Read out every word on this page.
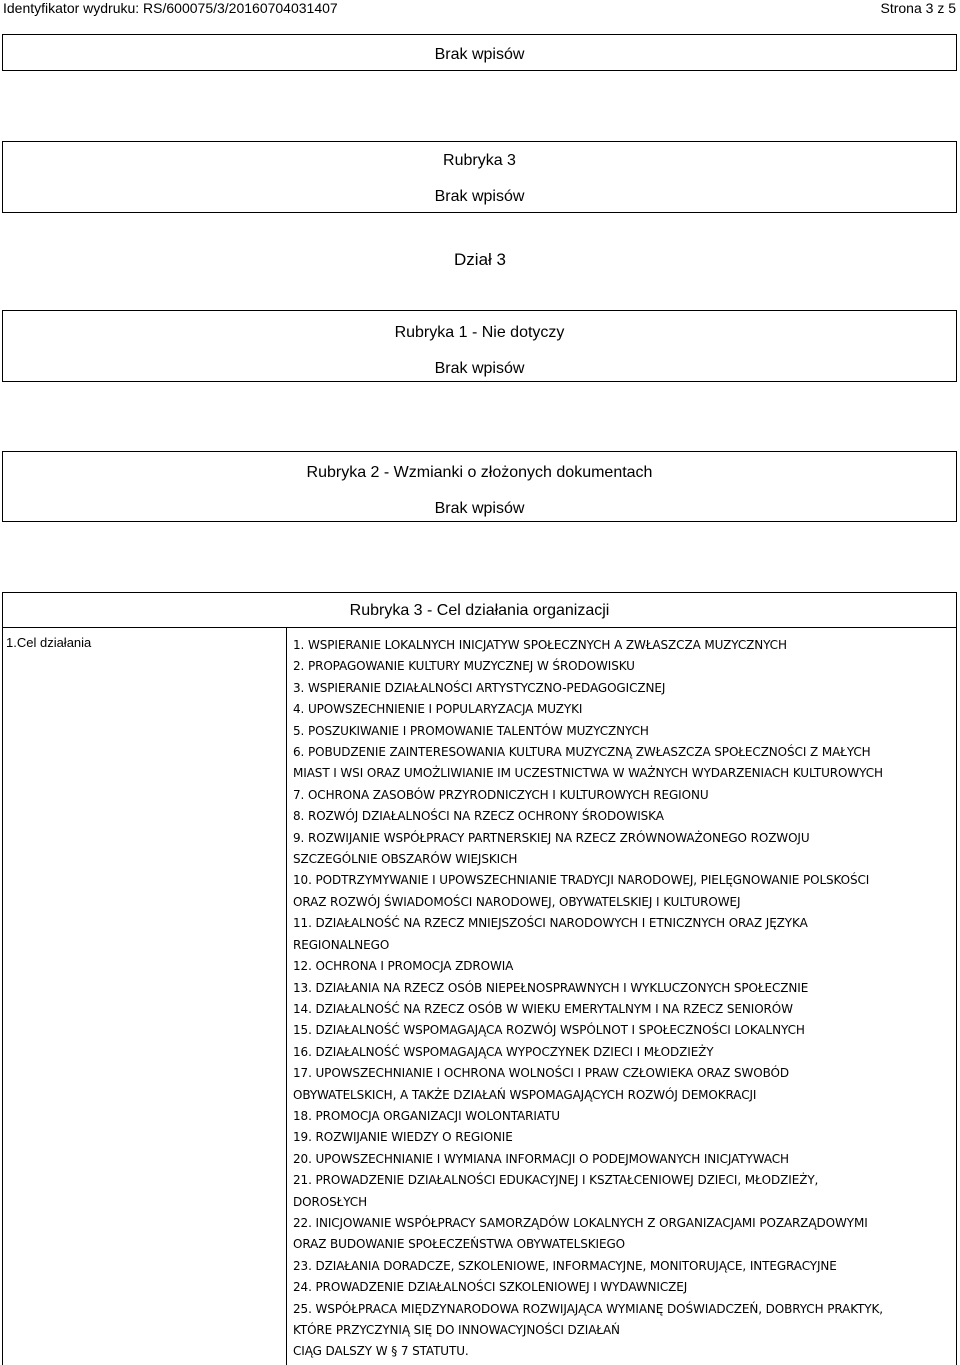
Identyfikator wydruku: RS/600075/3/20160704031407	Strona 3 z 5
Brak wpisów
Rubryka 3
Brak wpisów
Dział 3
Rubryka 1 - Nie dotyczy
Brak wpisów
Rubryka 2 - Wzmianki o złożonych dokumentach
Brak wpisów
Rubryka 3 - Cel działania organizacji
1.Cel działania	1. WSPIERANIE LOKALNYCH INICJATYW SPOŁECZNYCH A ZWŁASZCZA MUZYCZNYCH
2. PROPAGOWANIE KULTURY MUZYCZNEJ W ŚRODOWISKU
3. WSPIERANIE DZIAŁALNOŚCI ARTYSTYCZNO-PEDAGOGICZNEJ
4. UPOWSZECHNIENIE I POPULARYZACJA MUZYKI
5. POSZUKIWANIE I PROMOWANIE TALENTÓW MUZYCZNYCH
6. POBUDZENIE ZAINTERESOWANIA KULTURA MUZYCZNĄ ZWŁASZCZA SPOŁECZNOŚCI Z MAŁYCH
MIAST I WSI ORAZ UMOŻLIWIANIE IM UCZESTNICTWA W WAŻNYCH WYDARZENIACH KULTUROWYCH
7. OCHRONA ZASOBÓW PRZYRODNICZYCH I KULTUROWYCH REGIONU
8. ROZWÓJ DZIAŁALNOŚCI NA RZECZ OCHRONY ŚRODOWISKA
9. ROZWIJANIE WSPÓŁPRACY PARTNERSKIEJ NA RZECZ ZRÓWNOWAŻONEGO ROZWOJU
SZCZEGÓLNIE OBSZARÓW WIEJSKICH
10. PODTRZYMYWANIE I UPOWSZECHNIANIE TRADYCJI NARODOWEJ, PIELĘGNOWANIE POLSKOŚCI
ORAZ ROZWÓJ ŚWIADOMOŚCI NARODOWEJ, OBYWATELSKIEJ I KULTUROWEJ
11. DZIAŁALNOŚĆ NA RZECZ MNIEJSZOŚCI NARODOWYCH I ETNICZNYCH ORAZ JĘZYKA
REGIONALNEGO
12. OCHRONA I PROMOCJA ZDROWIA
13. DZIAŁANIA NA RZECZ OSÓB NIEPEŁNOSPRAWNYCH I WYKLUCZONYCH SPOŁECZNIE
14. DZIAŁALNOŚĆ NA RZECZ OSÓB W WIEKU EMERYTALNYM I NA RZECZ SENIORÓW
15. DZIAŁALNOŚĆ WSPOMAGAJĄCA ROZWÓJ WSPÓLNOT I SPOŁECZNOŚCI LOKALNYCH
16. DZIAŁALNOŚĆ WSPOMAGAJĄCA WYPOCZYNEK DZIECI I MŁODZIEŻY
17. UPOWSZECHNIANIE I OCHRONA WOLNOŚCI I PRAW CZŁOWIEKA ORAZ SWOBÓD
OBYWATELSKICH, A TAKŻE DZIAŁAŃ WSPOMAGAJĄCYCH ROZWÓJ DEMOKRACJI
18. PROMOCJA ORGANIZACJI WOLONTARIATU
19. ROZWIJANIE WIEDZY O REGIONIE
20. UPOWSZECHNIANIE I WYMIANA INFORMACJI O PODEJMOWANYCH INICJATYWACH
21. PROWADZENIE DZIAŁALNOŚCI EDUKACYJNEJ I KSZTAŁCENIOWEJ DZIECI, MŁODZIEŻY,
DOROSŁYCH
22. INICJOWANIE WSPÓŁPRACY SAMORZĄDÓW LOKALNYCH Z ORGANIZACJAMI POZARZĄDOWYMI
ORAZ BUDOWANIE SPOŁECZEŃSTWA OBYWATELSKIEGO
23. DZIAŁANIA DORADCZE, SZKOLENIOWE, INFORMACYJNE, MONITORUJĄCE, INTEGRACYJNE
24. PROWADZENIE DZIAŁALNOŚCI SZKOLENIOWEJ I WYDAWNICZEJ
25. WSPÓŁPRACA MIĘDZYNARODOWA ROZWIJAJĄCA WYMIANĘ DOŚWIADCZEŃ, DOBRYCH PRAKTYK,
KTÓRE PRZYCZYNIĄ SIĘ DO INNOWACYJNOŚCI DZIAŁAŃ
CIĄG DALSZY W § 7 STATUTU.
